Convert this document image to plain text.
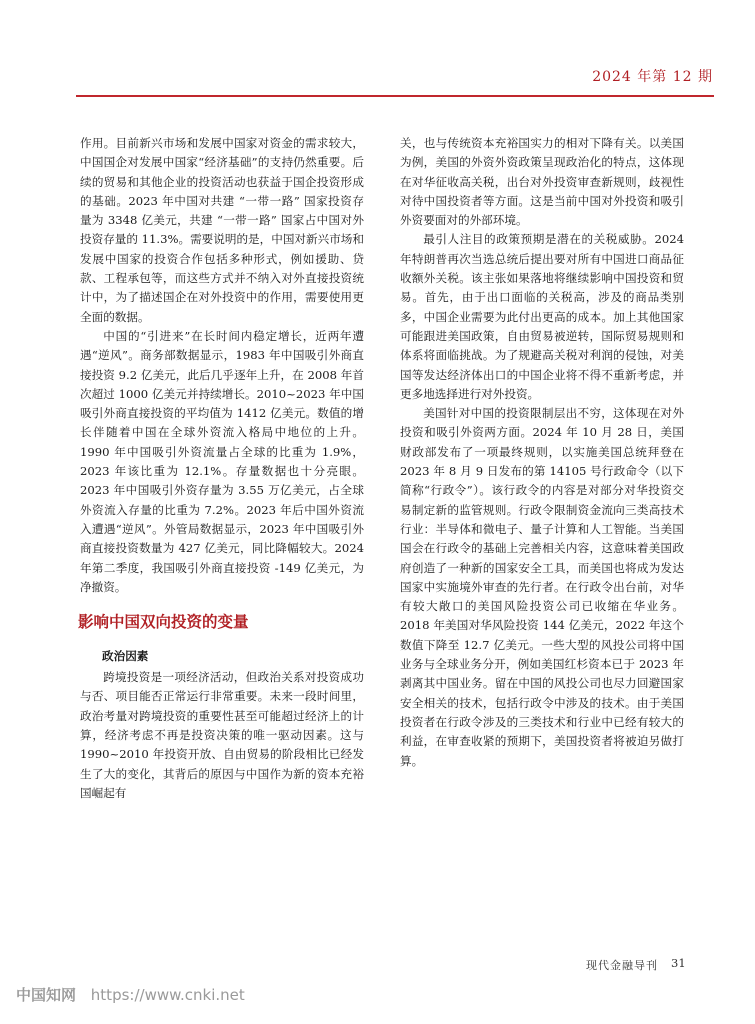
2024 年第 12 期

作用。目前新兴市场和发展中国家对资金的需求较大，中国国企对发展中国家“经济基础”的支持仍然重要。后续的贸易和其他企业的投资活动也获益于国企投资形成的基础。2023 年中国对共建 “一带一路” 国家投资存量为 3348 亿美元，共建 “一带一路” 国家占中国对外投资存量的 11.3%。需要说明的是，中国对新兴市场和发展中国家的投资合作包括多种形式，例如援助、贷款、工程承包等，而这些方式并不纳入对外直接投资统计中，为了描述国企在对外投资中的作用，需要使用更全面的数据。

中国的“引进来”在长时间内稳定增长，近两年遭遇“逆风”。商务部数据显示，1983 年中国吸引外商直接投资 9.2 亿美元，此后几乎逐年上升，在 2008 年首次超过 1000 亿美元并持续增长。2010~2023 年中国吸引外商直接投资的平均值为 1412 亿美元。数值的增长伴随着中国在全球外资流入格局中地位的上升。1990 年中国吸引外资流量占全球的比重为 1.9%，2023 年该比重为 12.1%。存量数据也十分亮眼。2023 年中国吸引外资存量为 3.55 万亿美元，占全球外资流入存量的比重为 7.2%。2023 年后中国外资流入遭遇“逆风”。外管局数据显示，2023 年中国吸引外商直接投资数量为 427 亿美元，同比降幅较大。2024 年第二季度，我国吸引外商直接投资 -149 亿美元，为净撤资。

影响中国双向投资的变量
政治因素

跨境投资是一项经济活动，但政治关系对投资成功与否、项目能否正常运行非常重要。未来一段时间里，政治考量对跨境投资的重要性甚至可能超过经济上的计算，经济考虑不再是投资决策的唯一驱动因素。这与 1990~2010 年投资开放、自由贸易的阶段相比已经发生了大的变化，其背后的原因与中国作为新的资本充裕国崛起有

关，也与传统资本充裕国实力的相对下降有关。以美国为例，美国的外资外资政策呈现政治化的特点，这体现在对华征收高关税，出台对外投资审查新规则，歧视性对待中国投资者等方面。这是当前中国对外投资和吸引外资要面对的外部环境。

最引人注目的政策预期是潜在的关税威胁。2024 年特朗普再次当选总统后提出要对所有中国进口商品征收额外关税。该主张如果落地将继续影响中国投资和贸易。首先，由于出口面临的关税高，涉及的商品类别多，中国企业需要为此付出更高的成本。加上其他国家可能跟进美国政策，自由贸易被逆转，国际贸易规则和体系将面临挑战。为了规避高关税对利润的侵蚀，对美国等发达经济体出口的中国企业将不得不重新考虑，并更多地选择进行对外投资。

美国针对中国的投资限制层出不穷，这体现在对外投资和吸引外资两方面。2024 年 10 月 28 日，美国财政部发布了一项最终规则，以实施美国总统拜登在 2023 年 8 月 9 日发布的第 14105 号行政命令（以下简称“行政令”）。该行政令的内容是对部分对华投资交易制定新的监管规则。行政令限制资金流向三类高技术行业：半导体和微电子、量子计算和人工智能。当美国国会在行政令的基础上完善相关内容，这意味着美国政府创造了一种新的国家安全工具，而美国也将成为发达国家中实施境外审查的先行者。在行政令出台前，对华有较大敞口的美国风险投资公司已收缩在华业务。2018 年美国对华风险投资 144 亿美元，2022 年这个数值下降至 12.7 亿美元。一些大型的风投公司将中国业务与全球业务分开，例如美国红杉资本已于 2023 年剥离其中国业务。留在中国的风投公司也尽力回避国家安全相关的技术，包括行政令中涉及的技术。由于美国投资者在行政令涉及的三类技术和行业中已经有较大的利益，在审查收紧的预期下，美国投资者将被迫另做打算。

现代金融导刊 31
中国知网 https://www.cnki.net
